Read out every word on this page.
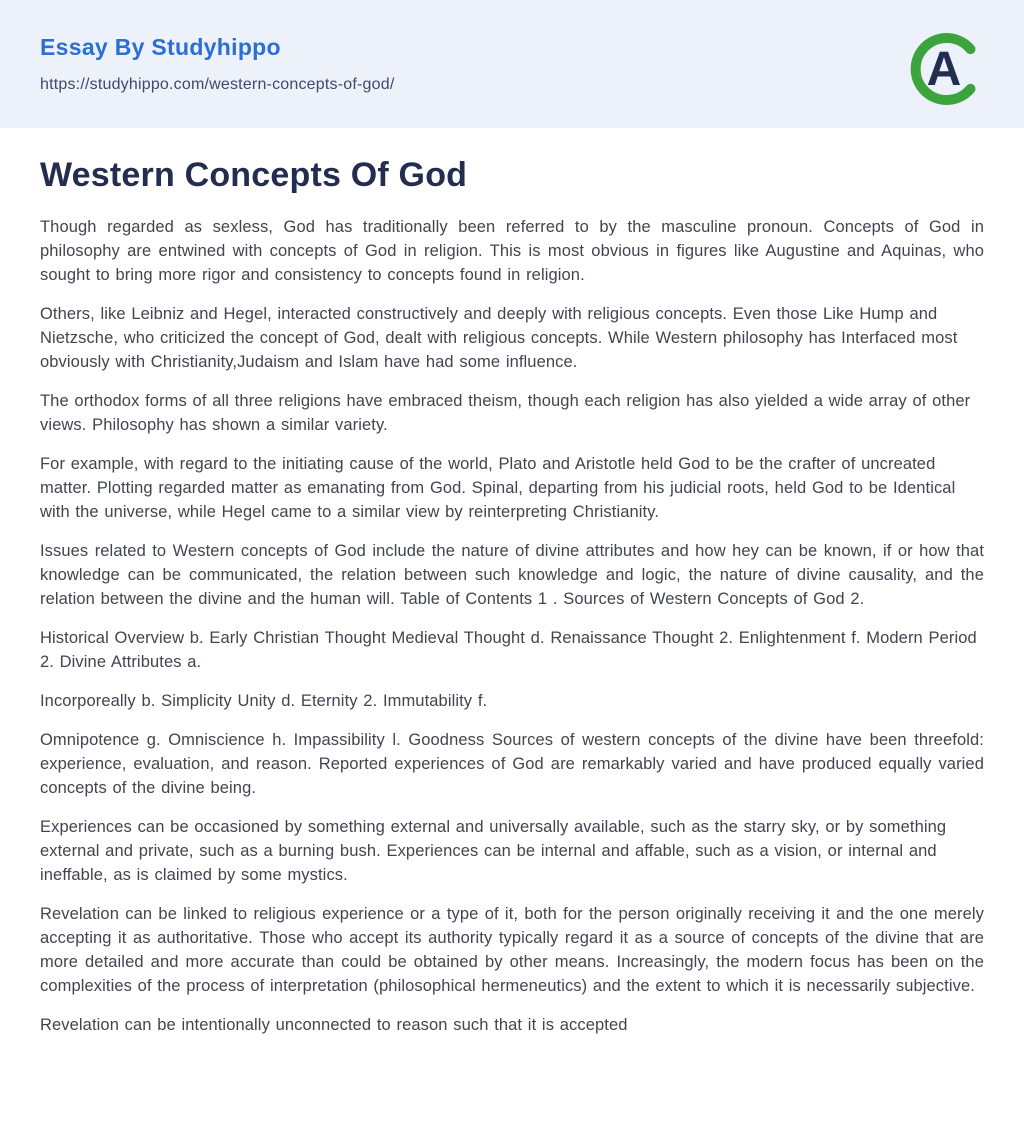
Essay By Studyhippo
https://studyhippo.com/western-concepts-of-god/	A
Western Concepts Of God

Though regarded as sexless, God has traditionally been referred to by the masculine pronoun. Concepts of God in philosophy are entwined with concepts of God in religion. This is most obvious in figures like Augustine and Aquinas, who sought to bring more rigor and consistency to concepts found in religion.

Others, like Leibniz and Hegel, interacted constructively and deeply with religious concepts. Even those Like Hump and Nietzsche, who criticized the concept of God, dealt with religious concepts. While Western philosophy has Interfaced most obviously with Christianity,Judaism and Islam have had some influence.

The orthodox forms of all three religions have embraced theism, though each religion has also yielded a wide array of other views. Philosophy has shown a similar variety.

For example, with regard to the initiating cause of the world, Plato and Aristotle held God to be the crafter of uncreated matter. Plotting regarded matter as emanating from God. Spinal, departing from his judicial roots, held God to be Identical with the universe, while Hegel came to a similar view by reinterpreting Christianity.

Issues related to Western concepts of God include the nature of divine attributes and how hey can be known, if or how that knowledge can be communicated, the relation between such knowledge and logic, the nature of divine causality, and the relation between the divine and the human will. Table of Contents 1 . Sources of Western Concepts of God 2.

Historical Overview b. Early Christian Thought Medieval Thought d. Renaissance Thought 2. Enlightenment f. Modern Period 2. Divine Attributes a.

Incorporeally b. Simplicity Unity d. Eternity 2. Immutability f.

Omnipotence g. Omniscience h. Impassibility l. Goodness Sources of western concepts of the divine have been threefold: experience, evaluation, and reason. Reported experiences of God are remarkably varied and have produced equally varied concepts of the divine being.

Experiences can be occasioned by something external and universally available, such as the starry sky, or by something external and private, such as a burning bush. Experiences can be internal and affable, such as a vision, or internal and ineffable, as is claimed by some mystics.

Revelation can be linked to religious experience or a type of it, both for the person originally receiving it and the one merely accepting it as authoritative. Those who accept its authority typically regard it as a source of concepts of the divine that are more detailed and more accurate than could be obtained by other means. Increasingly, the modern focus has been on the complexities of the process of interpretation (philosophical hermeneutics) and the extent to which it is necessarily subjective.

Revelation can be intentionally unconnected to reason such that it is accepted
